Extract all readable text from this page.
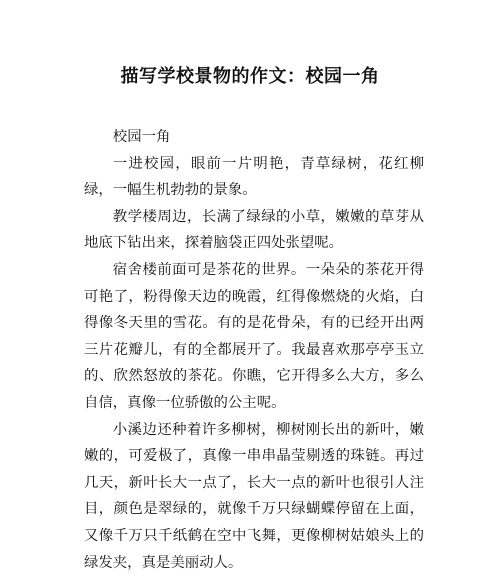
描写学校景物的作文：校园一角

校园一角

一进校园，眼前一片明艳，青草绿树，花红柳绿，一幅生机勃勃的景象。

教学楼周边，长满了绿绿的小草，嫩嫩的草芽从地底下钻出来，探着脑袋正四处张望呢。

宿舍楼前面可是茶花的世界。一朵朵的茶花开得可艳了，粉得像天边的晚霞，红得像燃烧的火焰，白得像冬天里的雪花。有的是花骨朵，有的已经开出两三片花瓣儿，有的全都展开了。我最喜欢那亭亭玉立的、欣然怒放的茶花。你瞧，它开得多么大方，多么自信，真像一位骄傲的公主呢。

小溪边还种着许多柳树，柳树刚长出的新叶，嫩嫩的，可爱极了，真像一串串晶莹剔透的珠链。再过几天，新叶长大一点了，长大一点的新叶也很引人注目，颜色是翠绿的，就像千万只绿蝴蝶停留在上面，又像千万只千纸鹤在空中飞舞，更像柳树姑娘头上的绿发夹，真是美丽动人。
